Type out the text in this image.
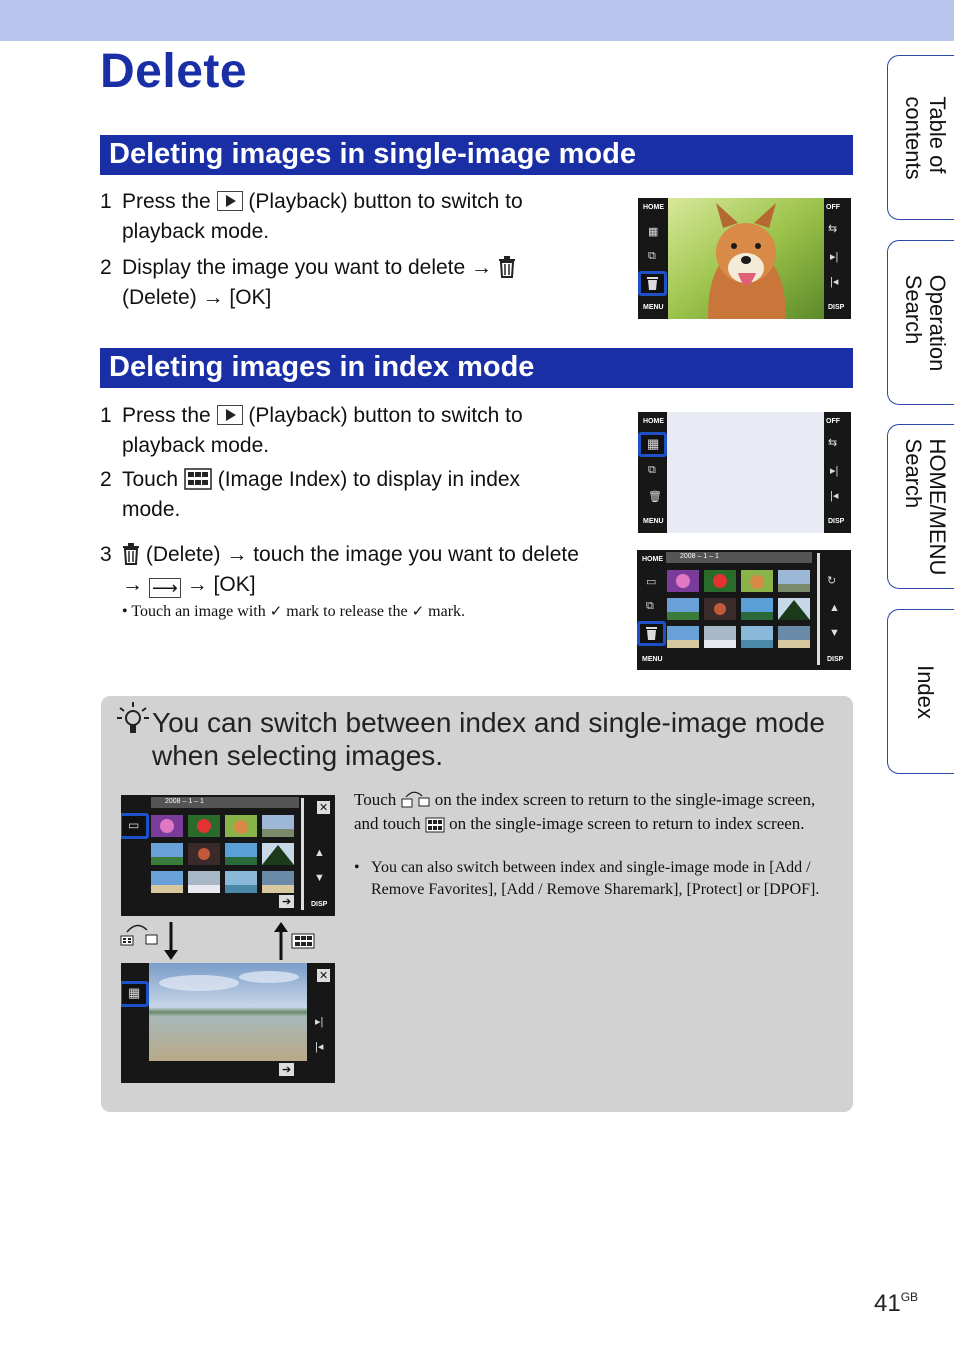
Delete
Deleting images in single-image mode
1 Press the (Playback) button to switch to
playback mode.
2 Display the image you want to delete →
(Delete) → [OK]
HOME
▦
⧉
MENU
OFF
⇆
▸|
|◂
DISP
Deleting images in index mode
1 Press the (Playback) button to switch to
playback mode.
2 Touch (Image Index) to display in index
mode.
3	(Delete) → touch the image you want to delete

→ ⟶ → [OK]
• Touch an image with ✓ mark to release the ✓ mark.
HOME
▦
⧉
🗑
MENU
OFF
⇆
▸|
|◂
DISP
2008 – 1 – 1
HOME
▭
⧉
MENU
↻
▲
▼
DISP
You can switch between index and single-image mode when selecting images.
2008 – 1 – 1
▭
✕
▲
▼
DISP
➔
▦
✕
▸|
|◂
➔
Touch on the index screen to return to the single-image screen, and touch on the single-image screen to return to index screen.
• You can also switch between index and single-image mode in [Add / Remove Favorites], [Add / Remove Sharemark], [Protect] or [DPOF].
Table of
contents
Operation
Search
HOME/MENU
Search
Index
$41^{GB}$
